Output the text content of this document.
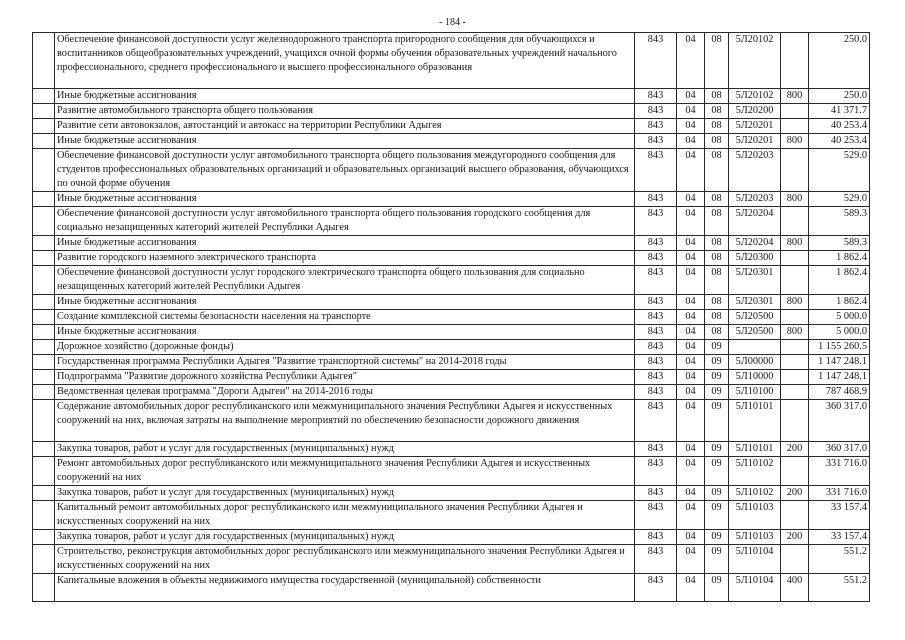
- 184 -
	Обеспечение финансовой доступности услуг железнодорожного транспорта пригородного сообщения для обучающихся и воспитанников общеобразовательных учреждений, учащихся очной формы обучения образовательных учреждений начального профессионального, среднего профессионального и высшего профессионального образования	843	04	08	5Л20102		250.0
	Иные бюджетные ассигнования	843	04	08	5Л20102	800	250.0
	Развитие автомобильного транспорта общего пользования	843	04	08	5Л20200		41 371.7
	Развитие сети автовокзалов, автостанций и автокасс на территории Республики Адыгея	843	04	08	5Л20201		40 253.4
	Иные бюджетные ассигнования	843	04	08	5Л20201	800	40 253.4
	Обеспечение финансовой доступности услуг автомобильного транспорта общего пользования междугородного сообщения для студентов профессиональных образовательных организаций и образовательных организаций высшего образования, обучающихся по очной форме обучения	843	04	08	5Л20203		529.0
	Иные бюджетные ассигнования	843	04	08	5Л20203	800	529.0
	Обеспечение финансовой доступности услуг автомобильного транспорта общего пользования городского сообщения для социально незащищенных категорий жителей Республики Адыгея	843	04	08	5Л20204		589.3
	Иные бюджетные ассигнования	843	04	08	5Л20204	800	589.3
	Развитие городского наземного электрического транспорта	843	04	08	5Л20300		1 862.4
	Обеспечение финансовой доступности услуг городского электрического транспорта общего пользования для социально незащищенных категорий жителей Республики Адыгея	843	04	08	5Л20301		1 862.4
	Иные бюджетные ассигнования	843	04	08	5Л20301	800	1 862.4
	Создание комплексной системы безопасности населения на транспорте	843	04	08	5Л20500		5 000.0
	Иные бюджетные ассигнования	843	04	08	5Л20500	800	5 000.0
	Дорожное хозяйство (дорожные фонды)	843	04	09			1 155 260.5
	Государственная программа Республики Адыгея "Развитие транспортной системы" на 2014-2018 годы	843	04	09	5Л00000		1 147 248.1
	Подпрограмма "Развитие дорожного хозяйства Республики Адыгея"	843	04	09	5Л10000		1 147 248.1
	Ведомственная целевая программа "Дороги Адыгеи" на 2014-2016 годы	843	04	09	5Л10100		787 468.9
	Содержание автомобильных дорог республиканского или межмуниципального значения Республики Адыгея и искусственных сооружений на них, включая затраты на выполнение мероприятий по обеспечению безопасности дорожного движения	843	04	09	5Л10101		360 317.0
	Закупка товаров, работ и услуг для государственных (муниципальных) нужд	843	04	09	5Л10101	200	360 317.0
	Ремонт автомобильных дорог республиканского или межмуниципального значения Республики Адыгея и искусственных сооружений на них	843	04	09	5Л10102		331 716.0
	Закупка товаров, работ и услуг для государственных (муниципальных) нужд	843	04	09	5Л10102	200	331 716.0
	Капитальный ремонт автомобильных дорог республиканского или межмуниципального значения Республики Адыгея и искусственных сооружений на них	843	04	09	5Л10103		33 157.4
	Закупка товаров, работ и услуг для государственных (муниципальных) нужд	843	04	09	5Л10103	200	33 157.4
	Строительство, реконструкция автомобильных дорог республиканского или межмуниципального значения Республики Адыгея и искусственных сооружений на них	843	04	09	5Л10104		551.2
	Капитальные вложения в объекты недвижимого имущества государственной (муниципальной) собственности	843	04	09	5Л10104	400	551.2
